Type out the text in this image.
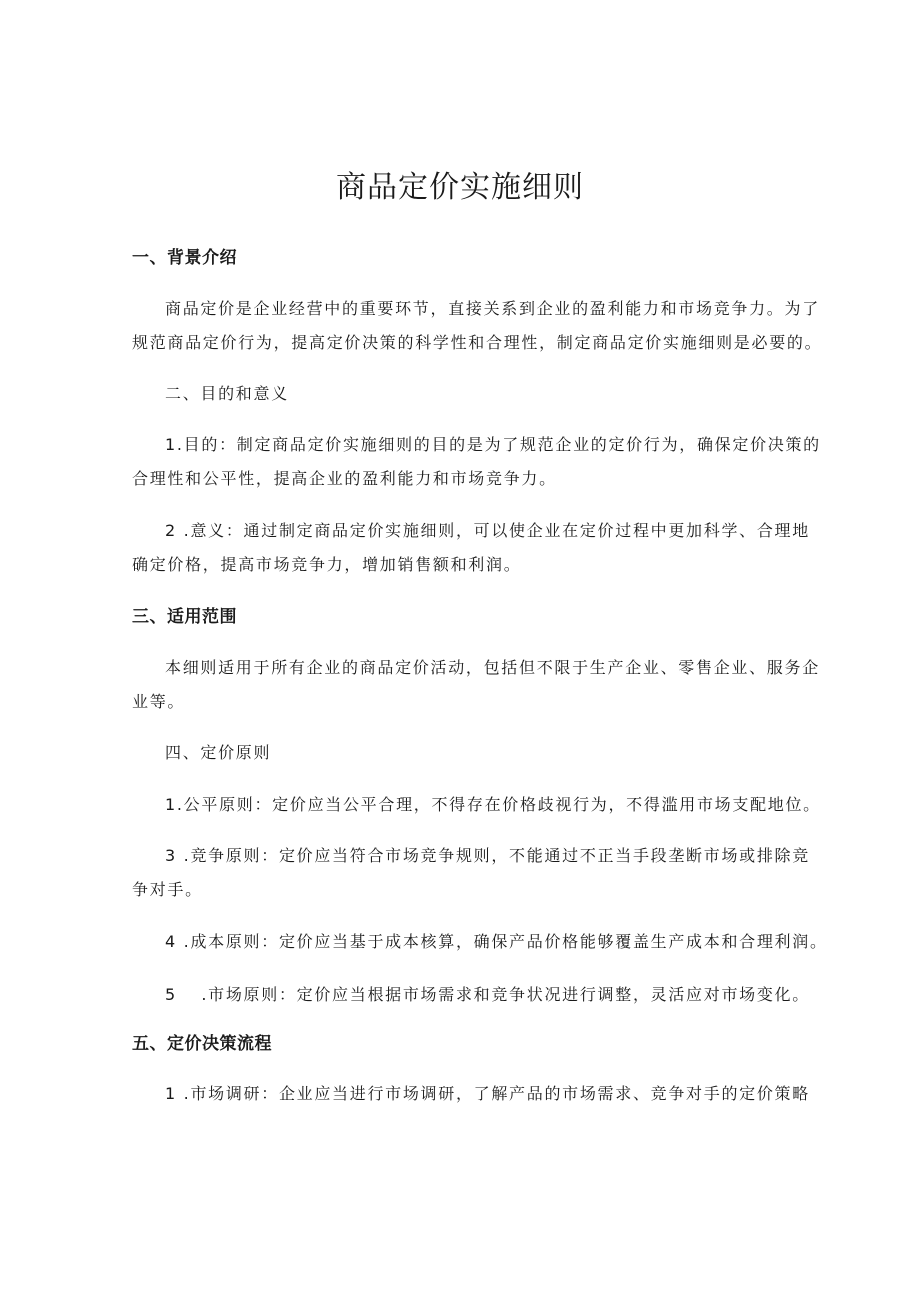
商品定价实施细则

一、背景介绍

商品定价是企业经营中的重要环节，直接关系到企业的盈利能力和市场竞争力。为了

规范商品定价行为，提高定价决策的科学性和合理性，制定商品定价实施细则是必要的。

二、目的和意义

1.目的：制定商品定价实施细则的目的是为了规范企业的定价行为，确保定价决策的

合理性和公平性，提高企业的盈利能力和市场竞争力。

2 .意义：通过制定商品定价实施细则，可以使企业在定价过程中更加科学、合理地

确定价格，提高市场竞争力，增加销售额和利润。

三、适用范围

本细则适用于所有企业的商品定价活动，包括但不限于生产企业、零售企业、服务企

业等。

四、定价原则

1.公平原则：定价应当公平合理，不得存在价格歧视行为，不得滥用市场支配地位。

3 .竞争原则：定价应当符合市场竞争规则，不能通过不正当手段垄断市场或排除竞

争对手。

4 .成本原则：定价应当基于成本核算，确保产品价格能够覆盖生产成本和合理利润。

5　 .市场原则：定价应当根据市场需求和竞争状况进行调整，灵活应对市场变化。

五、定价决策流程

1 .市场调研：企业应当进行市场调研，了解产品的市场需求、竞争对手的定价策略
